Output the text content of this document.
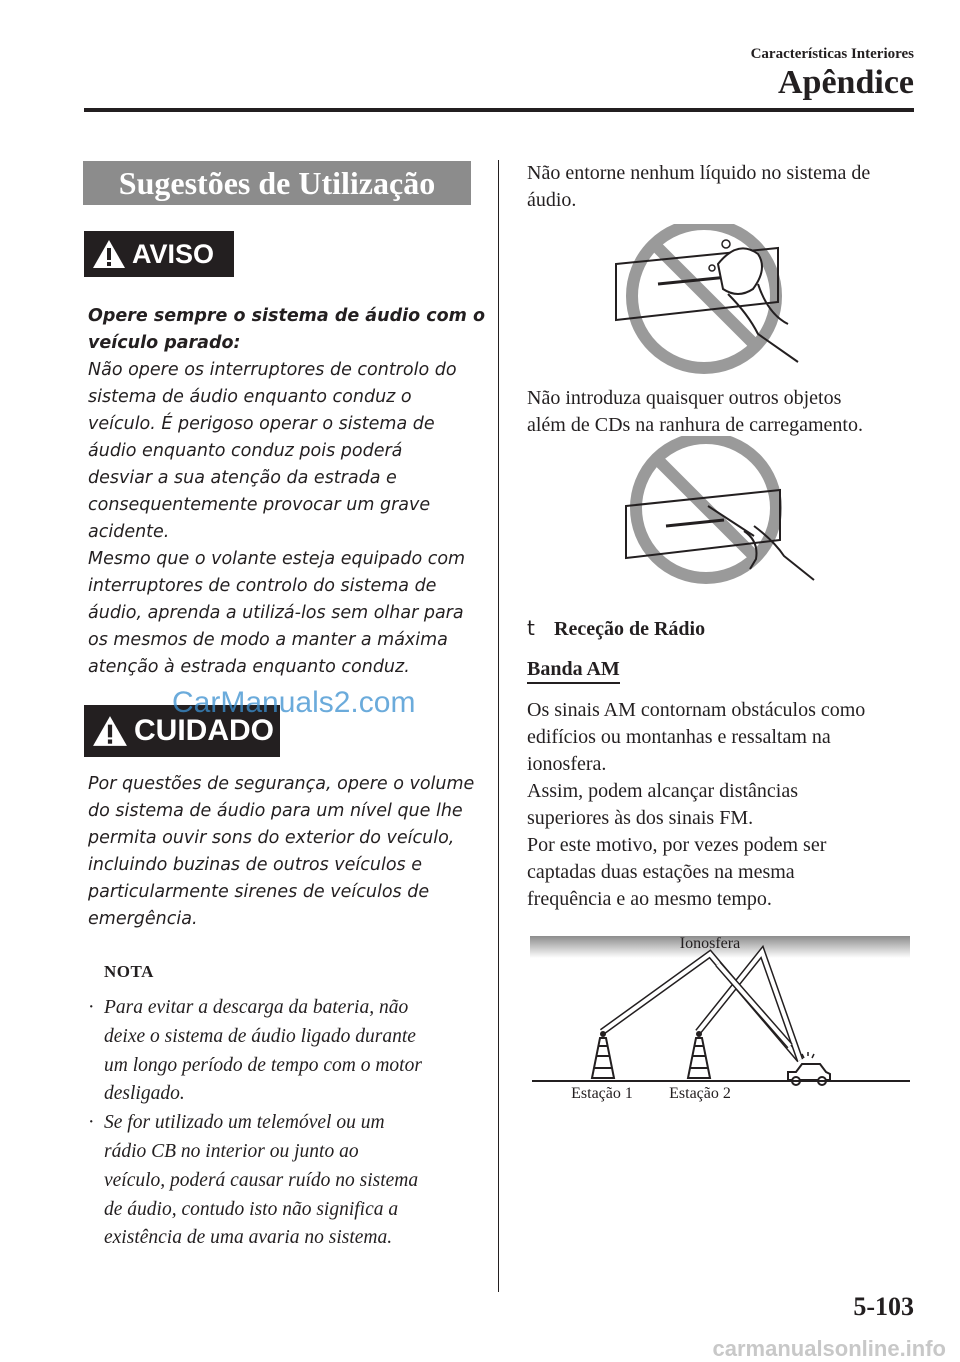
Características Interiores
Apêndice
Sugestões de Utilização
AVISO

Opere sempre o sistema de áudio com o

veículo parado:

Não opere os interruptores de controlo do

sistema de áudio enquanto conduz o

veículo. É perigoso operar o sistema de

áudio enquanto conduz pois poderá

desviar a sua atenção da estrada e

consequentemente provocar um grave

acidente.

Mesmo que o volante esteja equipado com

interruptores de controlo do sistema de

áudio, aprenda a utilizá-los sem olhar para

os mesmos de modo a manter a máxima

atenção à estrada enquanto conduz.

CUIDADO
CarManuals2.com

Por questões de segurança, opere o volume

do sistema de áudio para um nível que lhe

permita ouvir sons do exterior do veículo,

incluindo buzinas de outros veículos e

particularmente sirenes de veículos de

emergência.

NOTA
· Para evitar a descarga da bateria, não
deixe o sistema de áudio ligado durante
um longo período de tempo com o motor
desligado.
· Se for utilizado um telemóvel ou um
rádio CB no interior ou junto ao
veículo, poderá causar ruído no sistema
de áudio, contudo isto não significa a
existência de uma avaria no sistema.
Não entorne nenhum líquido no sistema de
áudio.
Não introduza quaisquer outros objetos
além de CDs na ranhura de carregamento.
t Receção de Rádio
Banda AM
Os sinais AM contornam obstáculos como
edifícios ou montanhas e ressaltam na
ionosfera.
Assim, podem alcançar distâncias
superiores às dos sinais FM.
Por este motivo, por vezes podem ser
captadas duas estações na mesma
frequência e ao mesmo tempo.
Ionosfera
Estação 1 Estação 2
5-103
carmanualsonline.info
